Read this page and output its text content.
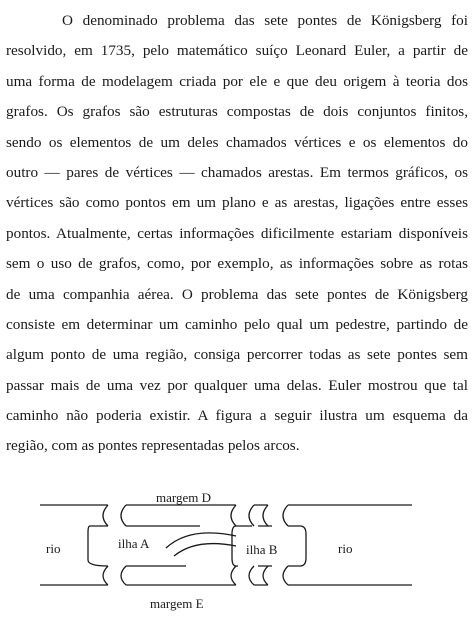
O denominado problema das sete pontes de Königsberg foi
resolvido, em 1735, pelo matemático suíço Leonard Euler, a partir de
uma forma de modelagem criada por ele e que deu origem à teoria dos
grafos. Os grafos são estruturas compostas de dois conjuntos finitos,
sendo os elementos de um deles chamados vértices e os elementos do
outro — pares de vértices — chamados arestas. Em termos gráficos, os
vértices são como pontos em um plano e as arestas, ligações entre esses
pontos. Atualmente, certas informações dificilmente estariam disponíveis
sem o uso de grafos, como, por exemplo, as informações sobre as rotas
de uma companhia aérea. O problema das sete pontes de Königsberg
consiste em determinar um caminho pelo qual um pedestre, partindo de
algum ponto de uma região, consiga percorrer todas as sete pontes sem
passar mais de uma vez por qualquer uma delas. Euler mostrou que tal
caminho não poderia existir. A figura a seguir ilustra um esquema da
região, com as pontes representadas pelos arcos.
margem D
margem E
rio	rio
ilha A	ilha B
